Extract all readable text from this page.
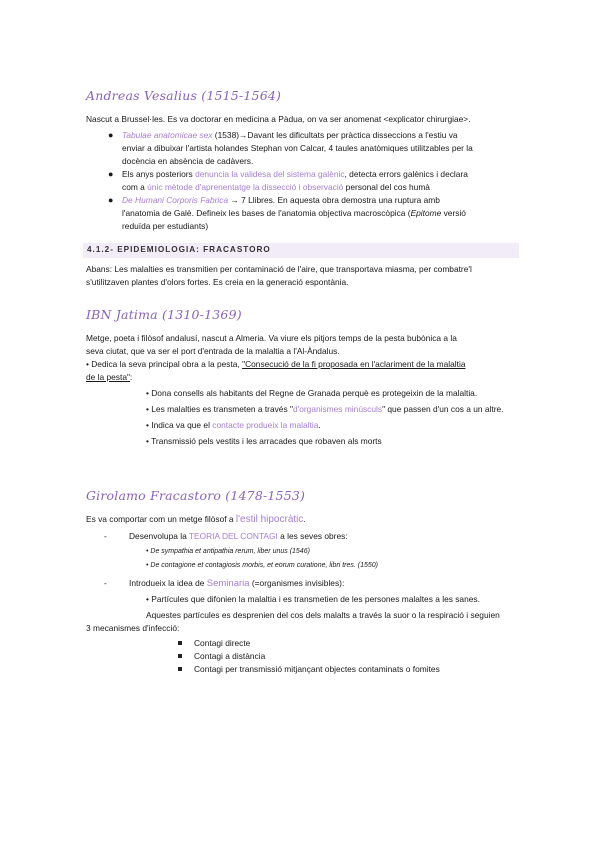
Andreas Vesalius (1515-1564)
Nascut a Brussel·les. Es va doctorar en medicina a Pàdua, on va ser anomenat <explicator chirurgiae>.
● Tabulae anatomicae sex (1538)→Davant les dificultats per pràctica disseccions a l'estiu va
enviar a dibuixar l'artista holandes Stephan von Calcar, 4 taules anatòmiques utilitzables per la
docència en absència de cadàvers.
● Els anys posteriors denuncia la validesa del sistema galènic, detecta errors galènics i declara
com a únic mètode d'aprenentatge la dissecció i observació personal del cos humà
● De Humani Corporis Fabrica → 7 Llibres. En aquesta obra demostra una ruptura amb
l'anatomia de Galè. Defineix les bases de l'anatomia objectiva macroscòpica (Epitome versió
reduïda per estudiants)
4.1.2- EPIDEMIOLOGIA: FRACASTORO
Abans: Les malalties es transmitien per contaminació de l'aire, que transportava miasma, per combatre'l
s'utilitzaven plantes d'olors fortes. Es creia en la generació espontània.
IBN Jatima (1310-1369)
Metge, poeta i filòsof andalusí, nascut a Almeria. Va viure els pitjors temps de la pesta bubònica a la
seva ciutat, que va ser el port d'entrada de la malaltia a l'Al-Àndalus.
• Dedica la seva principal obra a la pesta, "Consecució de la fi proposada en l'aclariment de la malaltia
de la pesta":
• Dona consells als habitants del Regne de Granada perquè es protegeixin de la malaltia.
• Les malalties es transmeten a través "d'organismes minúsculs" que passen d'un cos a un altre.
• Indica va que el contacte produeix la malaltia.
• Transmissió pels vestits i les arracades que robaven als morts
Girolamo Fracastoro (1478-1553)
Es va comportar com un metge filòsof a l'estil hipocràtic.
-	Desenvolupa la TEORIA DEL CONTAGI a les seves obres:
• De sympathia et antipathia rerum, liber unus (1546)
• De contagione et contagiosis morbis, et eorum curatione, libri tres. (1550)
-	Introdueix la idea de Seminaria (=organismes invisibles):
• Partícules que difonien la malaltia i es transmetien de les persones malaltes a les sanes.
Aquestes partícules es desprenien del cos dels malalts a través la suor o la respiració i seguien
3 mecanismes d'infecció:
Contagi directe
Contagi a distància
Contagi per transmissió mitjançant objectes contaminats o fomites
